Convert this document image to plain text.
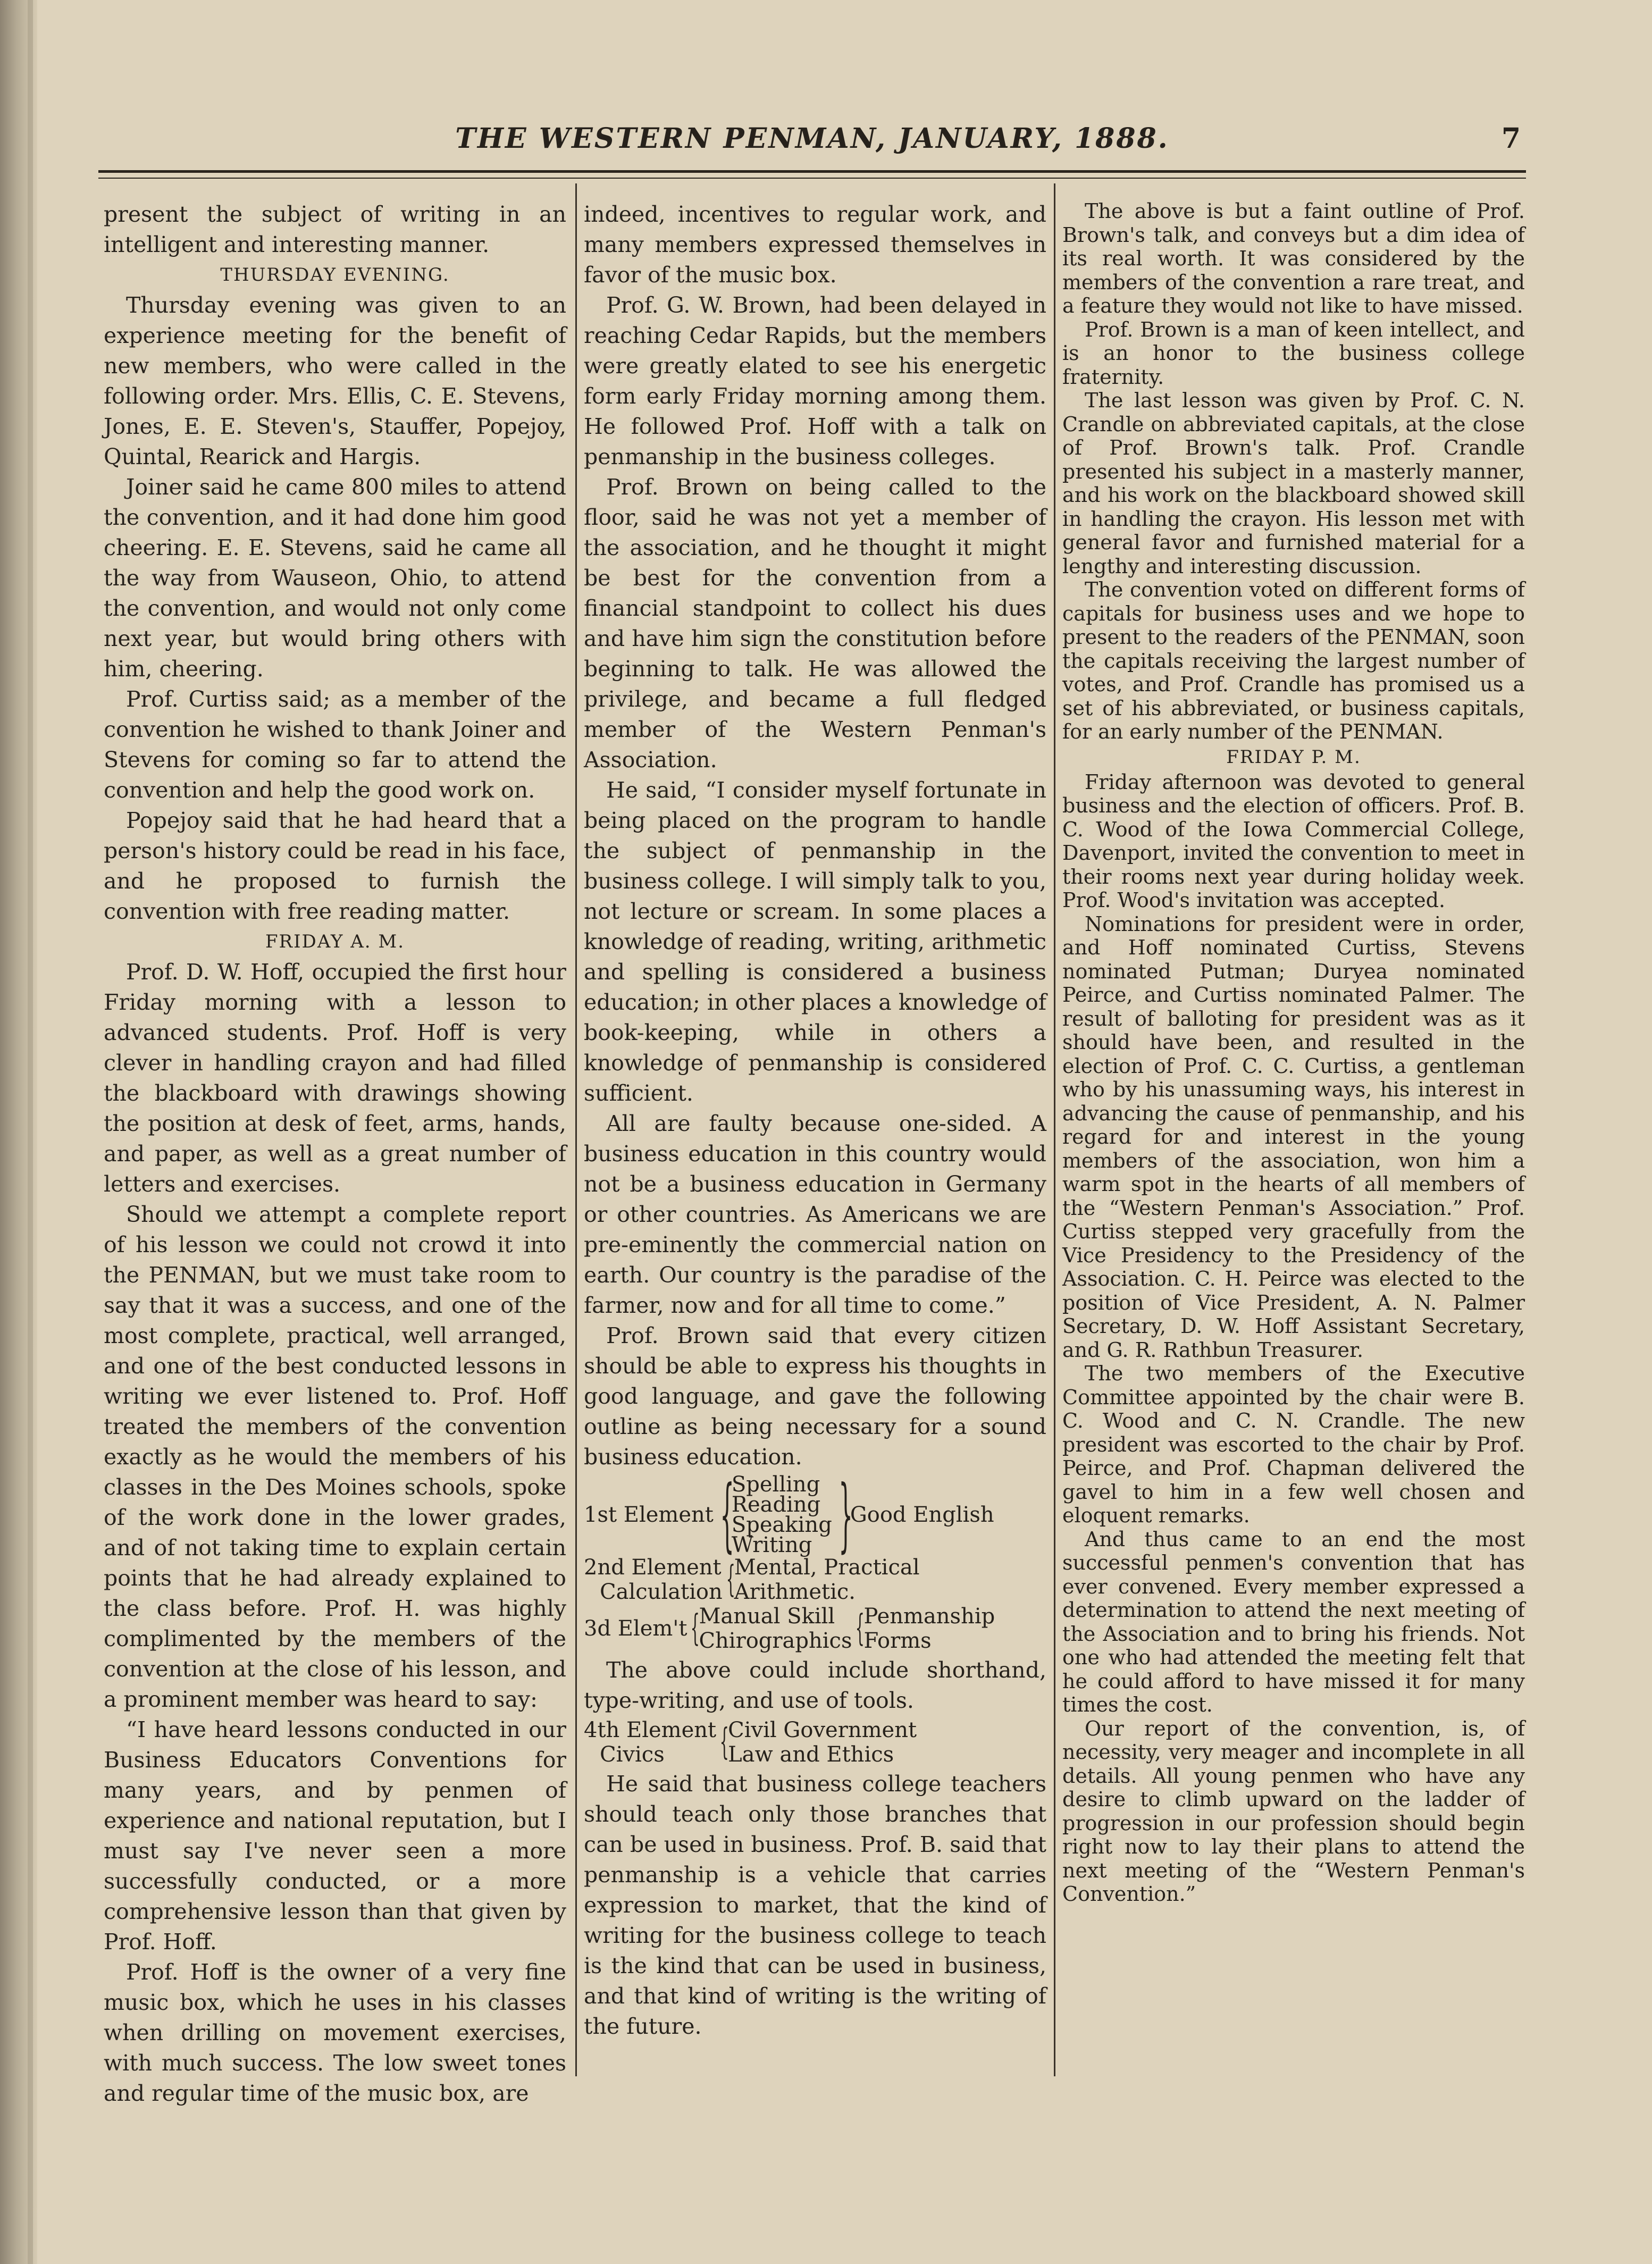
THE WESTERN PENMAN, JANUARY, 1888.	7

present the subject of writing in an intelligent and interesting manner.

THURSDAY EVENING.

Thursday evening was given to an experience meeting for the benefit of new members, who were called in the following order. Mrs. Ellis, C. E. Stevens, Jones, E. E. Steven's, Stauffer, Popejoy, Quintal, Rearick and Hargis.

Joiner said he came 800 miles to attend the convention, and it had done him good cheering. E. E. Stevens, said he came all the way from Wauseon, Ohio, to attend the convention, and would not only come next year, but would bring others with him, cheering.

Prof. Curtiss said; as a member of the convention he wished to thank Joiner and Stevens for coming so far to attend the convention and help the good work on.

Popejoy said that he had heard that a person's history could be read in his face, and he proposed to furnish the convention with free reading matter.

FRIDAY A. M.

Prof. D. W. Hoff, occupied the first hour Friday morning with a lesson to advanced students. Prof. Hoff is very clever in handling crayon and had filled the blackboard with drawings showing the position at desk of feet, arms, hands, and paper, as well as a great number of letters and exercises.

Should we attempt a complete report of his lesson we could not crowd it into the PENMAN, but we must take room to say that it was a success, and one of the most complete, practical, well arranged, and one of the best conducted lessons in writing we ever listened to. Prof. Hoff treated the members of the convention exactly as he would the members of his classes in the Des Moines schools, spoke of the work done in the lower grades, and of not taking time to explain certain points that he had already explained to the class before. Prof. H. was highly complimented by the members of the convention at the close of his lesson, and a prominent member was heard to say:

“I have heard lessons conducted in our Business Educators Conventions for many years, and by penmen of experience and national reputation, but I must say I've never seen a more successfully conducted, or a more comprehensive lesson than that given by Prof. Hoff.

Prof. Hoff is the owner of a very fine music box, which he uses in his classes when drilling on movement exercises, with much success. The low sweet tones and regular time of the music box, are

indeed, incentives to regular work, and many members expressed themselves in favor of the music box.

Prof. G. W. Brown, had been delayed in reaching Cedar Rapids, but the members were greatly elated to see his energetic form early Friday morning among them. He followed Prof. Hoff with a talk on penmanship in the business colleges.

Prof. Brown on being called to the floor, said he was not yet a member of the association, and he thought it might be best for the convention from a financial standpoint to collect his dues and have him sign the constitution before beginning to talk. He was allowed the privilege, and became a full fledged member of the Western Penman's Association.

He said, “I consider myself fortunate in being placed on the program to handle the subject of penmanship in the business college. I will simply talk to you, not lecture or scream. In some places a knowledge of reading, writing, arithmetic and spelling is considered a business education; in other places a knowledge of book-keeping, while in others a knowledge of penmanship is considered sufficient.

All are faulty because one-sided. A business education in this country would not be a business education in Germany or other countries. As Americans we are pre-eminently the commercial nation on earth. Our country is the paradise of the farmer, now and for all time to come.”

Prof. Brown said that every citizen should be able to express his thoughts in good language, and gave the following outline as being necessary for a sound business education.

1st Element {
Spelling
Reading
Speaking
Writing }
Good English
2nd Element
Calculation {
Mental, Practical
Arithmetic.
3d Elem't {
Manual Skill
Chirographics {
Penmanship
Forms

The above could include shorthand, type-writing, and use of tools.

4th Element
Civics	{
Civil Government
Law and Ethics

He said that business college teachers should teach only those branches that can be used in business. Prof. B. said that penmanship is a vehicle that carries expression to market, that the kind of writing for the business college to teach is the kind that can be used in business, and that kind of writing is the writing of the future.

The above is but a faint outline of Prof. Brown's talk, and conveys but a dim idea of its real worth. It was considered by the members of the convention a rare treat, and a feature they would not like to have missed.

Prof. Brown is a man of keen intellect, and is an honor to the business college fraternity.

The last lesson was given by Prof. C. N. Crandle on abbreviated capitals, at the close of Prof. Brown's talk. Prof. Crandle presented his subject in a masterly manner, and his work on the blackboard showed skill in handling the crayon. His lesson met with general favor and furnished material for a lengthy and interesting discussion.

The convention voted on different forms of capitals for business uses and we hope to present to the readers of the PENMAN, soon the capitals receiving the largest number of votes, and Prof. Crandle has promised us a set of his abbreviated, or business capitals, for an early number of the PENMAN.

FRIDAY P. M.

Friday afternoon was devoted to general business and the election of officers. Prof. B. C. Wood of the Iowa Commercial College, Davenport, invited the convention to meet in their rooms next year during holiday week. Prof. Wood's invitation was accepted.

Nominations for president were in order, and Hoff nominated Curtiss, Stevens nominated Putman; Duryea nominated Peirce, and Curtiss nominated Palmer. The result of balloting for president was as it should have been, and resulted in the election of Prof. C. C. Curtiss, a gentleman who by his unassuming ways, his interest in advancing the cause of penmanship, and his regard for and interest in the young members of the association, won him a warm spot in the hearts of all members of the “Western Penman's Association.” Prof. Curtiss stepped very gracefully from the Vice Presidency to the Presidency of the Association. C. H. Peirce was elected to the position of Vice President, A. N. Palmer Secretary, D. W. Hoff Assistant Secretary, and G. R. Rathbun Treasurer.

The two members of the Executive Committee appointed by the chair were B. C. Wood and C. N. Crandle. The new president was escorted to the chair by Prof. Peirce, and Prof. Chapman delivered the gavel to him in a few well chosen and eloquent remarks.

And thus came to an end the most successful penmen's convention that has ever convened. Every member expressed a determination to attend the next meeting of the Association and to bring his friends. Not one who had attended the meeting felt that he could afford to have missed it for many times the cost.

Our report of the convention, is, of necessity, very meager and incomplete in all details. All young penmen who have any desire to climb upward on the ladder of progression in our profession should begin right now to lay their plans to attend the next meeting of the “Western Penman's Convention.”
